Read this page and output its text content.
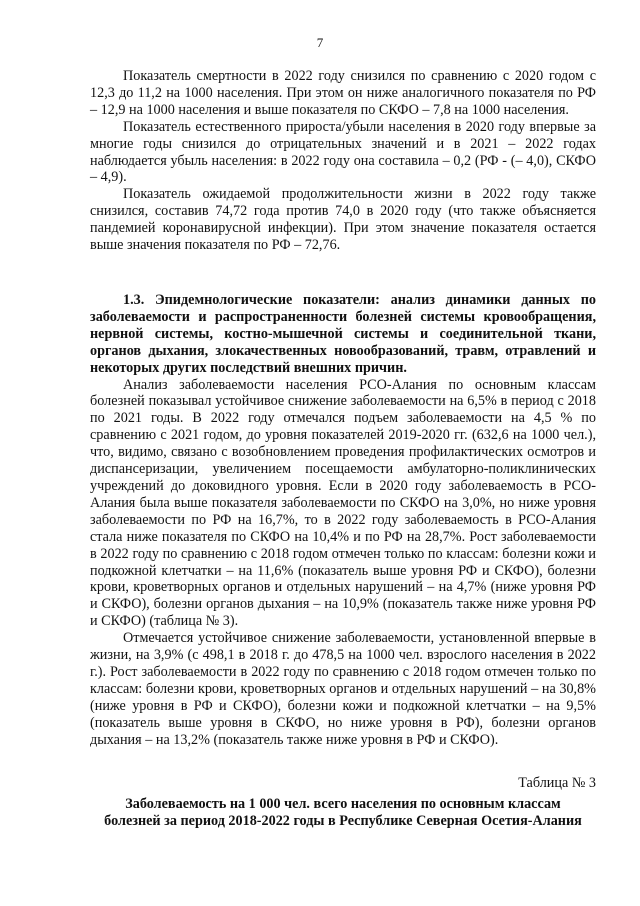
7

Показатель смертности в 2022 году снизился по сравнению с 2020 годом с 12,3 до 11,2 на 1000 населения. При этом он ниже аналогичного показателя по РФ – 12,9 на 1000 населения и выше показателя по СКФО – 7,8 на 1000 населения.

Показатель естественного прироста/убыли населения в 2020 году впервые за многие годы снизился до отрицательных значений и в 2021 – 2022 годах наблюдается убыль населения: в 2022 году она составила – 0,2 (РФ - (– 4,0), СКФО – 4,9).

Показатель ожидаемой продолжительности жизни в 2022 году также снизился, составив 74,72 года против 74,0 в 2020 году (что также объясняется пандемией коронавирусной инфекции). При этом значение показателя остается выше значения показателя по РФ – 72,76.

1.3. Эпидемнологические показатели: анализ динамики данных по заболеваемости и распространенности болезней системы кровообращения, нервной системы, костно-мышечной системы и соединительной ткани, органов дыхания, злокачественных новообразований, травм, отравлений и некоторых других последствий внешних причин.

Анализ заболеваемости населения РСО-Алания по основным классам болезней показывал устойчивое снижение заболеваемости на 6,5% в период с 2018 по 2021 годы. В 2022 году отмечался подъем заболеваемости на 4,5 % по сравнению с 2021 годом, до уровня показателей 2019-2020 гг. (632,6 на 1000 чел.), что, видимо, связано с возобновлением проведения профилактических осмотров и диспансеризации, увеличением посещаемости амбулаторно-поликлинических учреждений до доковидного уровня. Если в 2020 году заболеваемость в РСО-Алания была выше показателя заболеваемости по СКФО на 3,0%, но ниже уровня заболеваемости по РФ на 16,7%, то в 2022 году заболеваемость в РСО-Алания стала ниже показателя по СКФО на 10,4% и по РФ на 28,7%. Рост заболеваемости в 2022 году по сравнению с 2018 годом отмечен только по классам: болезни кожи и подкожной клетчатки – на 11,6% (показатель выше уровня РФ и СКФО), болезни крови, кроветворных органов и отдельных нарушений – на 4,7% (ниже уровня РФ и СКФО), болезни органов дыхания – на 10,9% (показатель также ниже уровня РФ и СКФО) (таблица № 3).

Отмечается устойчивое снижение заболеваемости, установленной впервые в жизни, на 3,9% (с 498,1 в 2018 г. до 478,5 на 1000 чел. взрослого населения в 2022 г.). Рост заболеваемости в 2022 году по сравнению с 2018 годом отмечен только по классам: болезни крови, кроветворных органов и отдельных нарушений – на 30,8% (ниже уровня в РФ и СКФО), болезни кожи и подкожной клетчатки – на 9,5% (показатель выше уровня в СКФО, но ниже уровня в РФ), болезни органов дыхания – на 13,2% (показатель также ниже уровня в РФ и СКФО).

Таблица № 3
Заболеваемость на 1 000 чел. всего населения по основным классам
болезней за период 2018-2022 годы в Республике Северная Осетия-Алания
